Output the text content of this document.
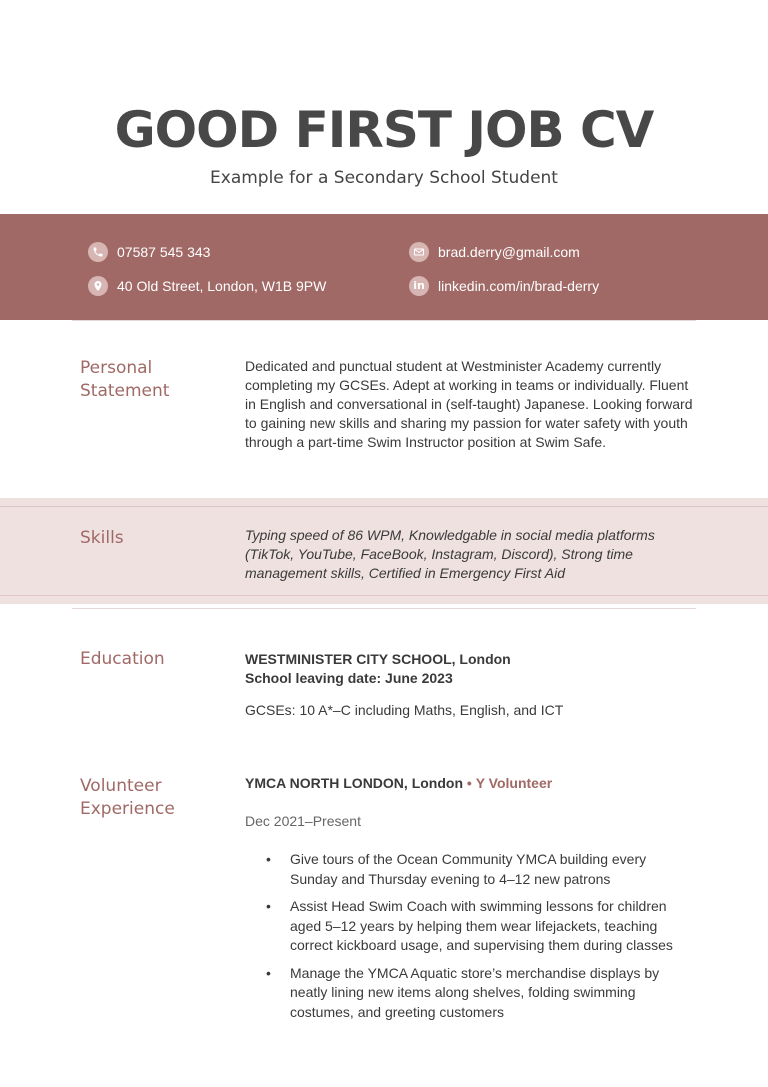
GOOD FIRST JOB CV
Example for a Secondary School Student
07587 545 343	brad.derry@gmail.com
40 Old Street, London, W1B 9PW	in linkedin.com/in/brad-derry
Personal
Statement
Dedicated and punctual student at Westminister Academy currently completing my GCSEs. Adept at working in teams or individually. Fluent in English and conversational in (self-taught) Japanese. Looking forward to gaining new skills and sharing my passion for water safety with youth through a part-time Swim Instructor position at Swim Safe.
Skills	Typing speed of 86 WPM, Knowledgable in social media platforms (TikTok, YouTube, FaceBook, Instagram, Discord), Strong time management skills, Certified in Emergency First Aid
Education	WESTMINISTER CITY SCHOOL, London
School leaving date: June 2023
GCSEs: 10 A*–C including Maths, English, and ICT
Volunteer
Experience
YMCA NORTH LONDON, London • Y Volunteer
Dec 2021–Present
• Give tours of the Ocean Community YMCA building every Sunday and Thursday evening to 4–12 new patrons
• Assist Head Swim Coach with swimming lessons for children aged 5–12 years by helping them wear lifejackets, teaching correct kickboard usage, and supervising them during classes
• Manage the YMCA Aquatic store’s merchandise displays by neatly lining new items along shelves, folding swimming costumes, and greeting customers
